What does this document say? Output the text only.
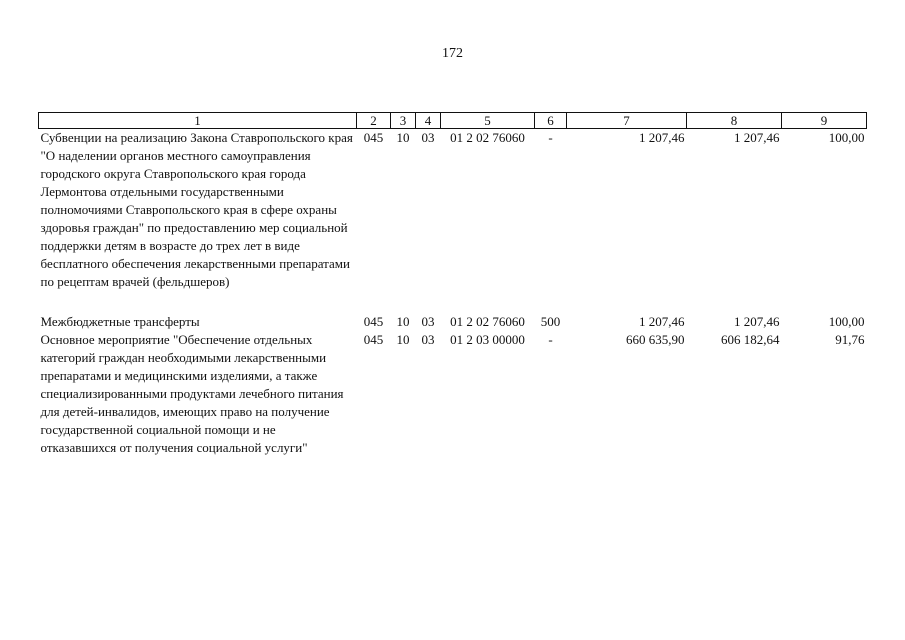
172
1	2	3	4	5	6	7	8	9
Субвенции на реализацию Закона Ставропольского края "О наделении органов местного самоуправления городского округа Ставропольского края города Лермонтова отдельными государственными полномочиями Ставропольского края в сфере охраны здоровья граждан" по предоставлению мер социальной поддержки детям в возрасте до трех лет в виде бесплатного обеспечения лекарственными препаратами по рецептам врачей (фельдшеров)	045	10	03	01 2 02 76060	-	1 207,46	1 207,46	100,00

Межбюджетные трансферты	045	10	03	01 2 02 76060	500	1 207,46	1 207,46	100,00
Основное мероприятие "Обеспечение отдельных категорий граждан необходимыми лекарственными препаратами и медицинскими изделиями, а также специализированными продуктами лечебного питания для детей-инвалидов, имеющих право на получение государственной социальной помощи и не отказавшихся от получения социальной услуги"	045	10	03	01 2 03 00000	-	660 635,90	606 182,64	91,76
